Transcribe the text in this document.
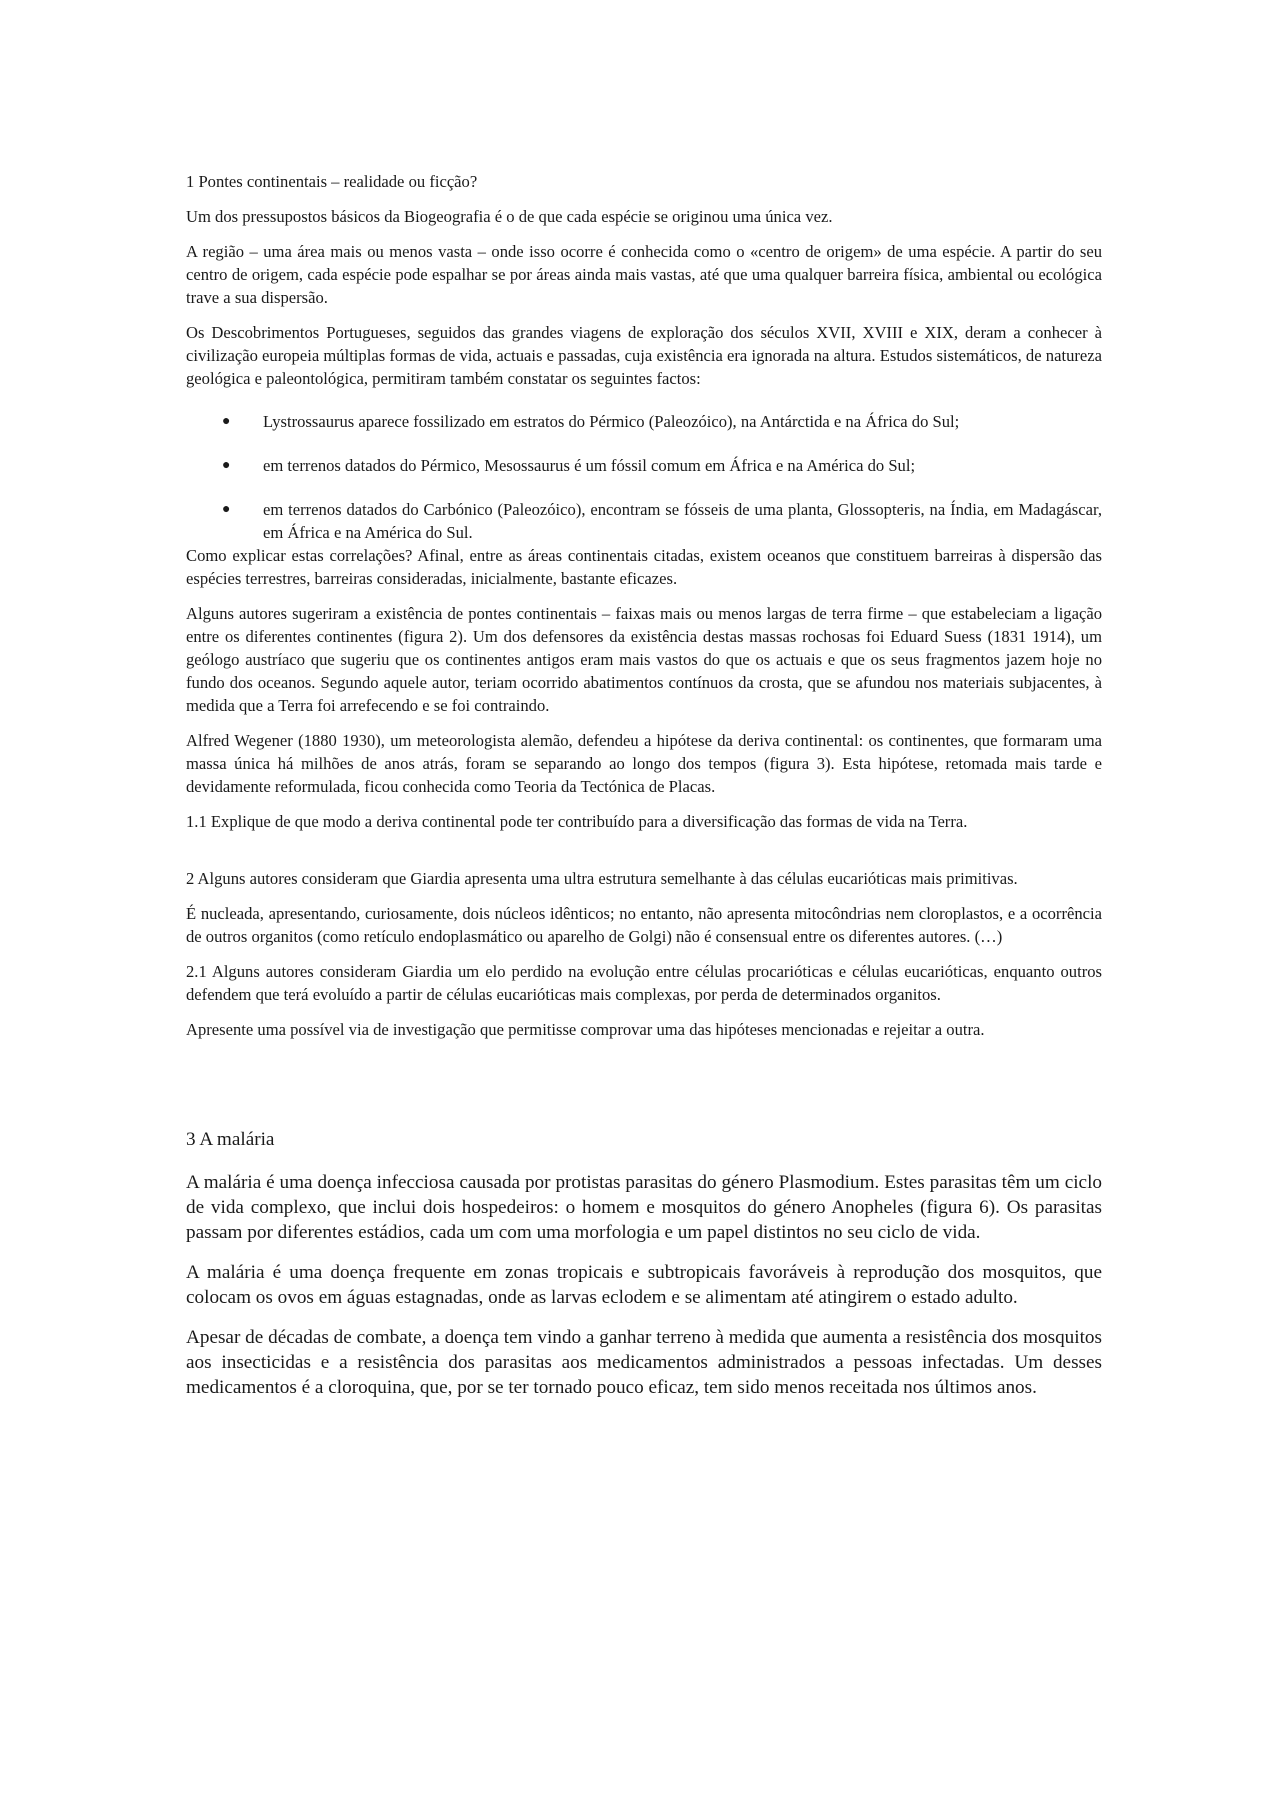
1 Pontes continentais – realidade ou ficção?

Um dos pressupostos básicos da Biogeografia é o de que cada espécie se originou uma única vez.

A região – uma área mais ou menos vasta – onde isso ocorre é conhecida como o «centro de origem» de uma espécie. A partir do seu centro de origem, cada espécie pode espalhar se por áreas ainda mais vastas, até que uma qualquer barreira física, ambiental ou ecológica trave a sua dispersão.

Os Descobrimentos Portugueses, seguidos das grandes viagens de exploração dos séculos XVII, XVIII e XIX, deram a conhecer à civilização europeia múltiplas formas de vida, actuais e passadas, cuja existência era ignorada na altura. Estudos sistemáticos, de natureza geológica e paleontológica, permitiram também constatar os seguintes factos:

● Lystrossaurus aparece fossilizado em estratos do Pérmico (Paleozóico), na Antárctida e na África do Sul;
● em terrenos datados do Pérmico, Mesossaurus é um fóssil comum em África e na América do Sul;
● em terrenos datados do Carbónico (Paleozóico), encontram se fósseis de uma planta, Glossopteris, na Índia, em Madagáscar, em África e na América do Sul.

Como explicar estas correlações? Afinal, entre as áreas continentais citadas, existem oceanos que constituem barreiras à dispersão das espécies terrestres, barreiras consideradas, inicialmente, bastante eficazes.

Alguns autores sugeriram a existência de pontes continentais – faixas mais ou menos largas de terra firme – que estabeleciam a ligação entre os diferentes continentes (figura 2). Um dos defensores da existência destas massas rochosas foi Eduard Suess (1831 1914), um geólogo austríaco que sugeriu que os continentes antigos eram mais vastos do que os actuais e que os seus fragmentos jazem hoje no fundo dos oceanos. Segundo aquele autor, teriam ocorrido abatimentos contínuos da crosta, que se afundou nos materiais subjacentes, à medida que a Terra foi arrefecendo e se foi contraindo.

Alfred Wegener (1880 1930), um meteorologista alemão, defendeu a hipótese da deriva continental: os continentes, que formaram uma massa única há milhões de anos atrás, foram se separando ao longo dos tempos (figura 3). Esta hipótese, retomada mais tarde e devidamente reformulada, ficou conhecida como Teoria da Tectónica de Placas.

1.1 Explique de que modo a deriva continental pode ter contribuído para a diversificação das formas de vida na Terra.

2 Alguns autores consideram que Giardia apresenta uma ultra estrutura semelhante à das células eucarióticas mais primitivas.

É nucleada, apresentando, curiosamente, dois núcleos idênticos; no entanto, não apresenta mitocôndrias nem cloroplastos, e a ocorrência de outros organitos (como retículo endoplasmático ou aparelho de Golgi) não é consensual entre os diferentes autores. (…)

2.1 Alguns autores consideram Giardia um elo perdido na evolução entre células procarióticas e células eucarióticas, enquanto outros defendem que terá evoluído a partir de células eucarióticas mais complexas, por perda de determinados organitos.

Apresente uma possível via de investigação que permitisse comprovar uma das hipóteses mencionadas e rejeitar a outra.

3 A malária

A malária é uma doença infecciosa causada por protistas parasitas do género Plasmodium. Estes parasitas têm um ciclo de vida complexo, que inclui dois hospedeiros: o homem e mosquitos do género Anopheles (figura 6). Os parasitas passam por diferentes estádios, cada um com uma morfologia e um papel distintos no seu ciclo de vida.

A malária é uma doença frequente em zonas tropicais e subtropicais favoráveis à reprodução dos mosquitos, que colocam os ovos em águas estagnadas, onde as larvas eclodem e se alimentam até atingirem o estado adulto.

Apesar de décadas de combate, a doença tem vindo a ganhar terreno à medida que aumenta a resistência dos mosquitos aos insecticidas e a resistência dos parasitas aos medicamentos administrados a pessoas infectadas. Um desses medicamentos é a cloroquina, que, por se ter tornado pouco eficaz, tem sido menos receitada nos últimos anos.
